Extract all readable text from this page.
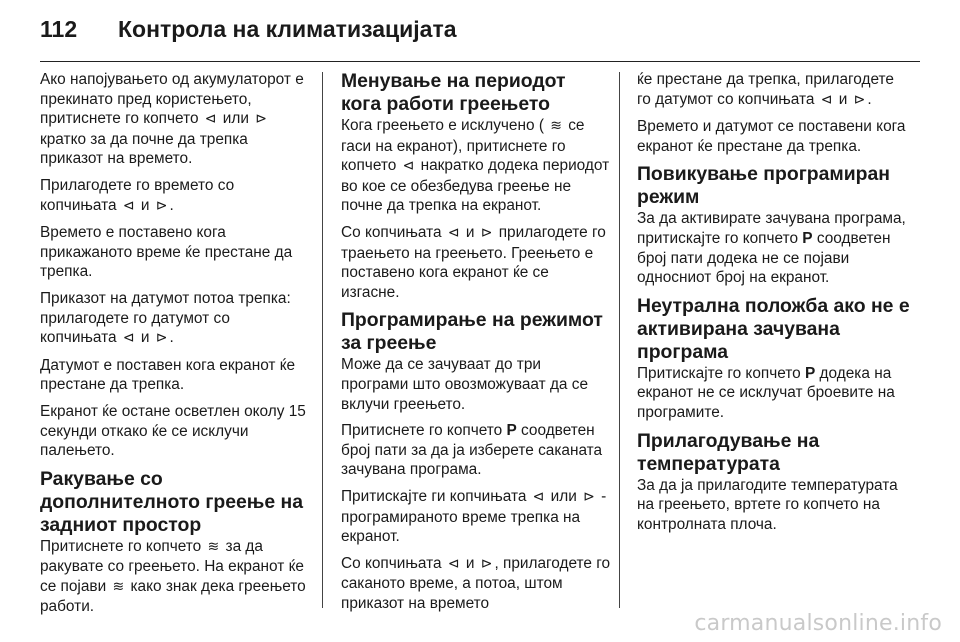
112	Контрола на климатизацијата

Ако напојувањето од акумулаторот е прекинато пред користењето, притиснете го копчето ⊲ или ⊳ кратко за да почне да трепка приказот на времето.

Прилагодете го времето со копчињата ⊲ и ⊳ .

Времето е поставено кога прикажаното време ќе престане да трепка.

Приказот на датумот потоа трепка: прилагодете го датумот со копчињата ⊲ и ⊳ .

Датумот е поставен кога екранот ќе престане да трепка.

Екранот ќе остане осветлен околу 15 секунди откако ќе се исклучи палењето.

Ракување со дополнителното греење на задниот простор

Притиснете го копчето ≋ за да ракувате со греењето. На екранот ќе се појави ≋ како знак дека греењето работи.

Менување на периодот кога работи греењето

Кога греењето е исклучено ( ≋ се гаси на екранот), притиснете го копчето ⊲ накратко додека периодот во кое се обезбедува греење не почне да трепка на екранот.

Со копчињата ⊲ и ⊳ прилагодете го траењето на греењето. Греењето е поставено кога екранот ќе се изгасне.

Програмирање на режимот за греење

Може да се зачуваат до три програми што овозможуваат да се вклучи греењето.

Притиснете го копчето P соодветен број пати за да ја изберете саканата зачувана програма.

Притискајте ги копчињата ⊲ или ⊳ - програмираното време трепка на екранот.

Со копчињата ⊲ и ⊳ , прилагодете го саканото време, а потоа, штом приказот на времето

ќе престане да трепка, прилагодете го датумот со копчињата ⊲ и ⊳ .

Времето и датумот се поставени кога екранот ќе престане да трепка.

Повикување програмиран режим

За да активирате зачувана програма, притискајте го копчето P соодветен број пати додека не се појави односниот број на екранот.

Неутрална положба ако не е активирана зачувана програма

Притискајте го копчето P додека на екранот не се исклучат броевите на програмите.

Прилагодување на температурата

За да ја прилагодите температурата на греењето, вртете го копчето на контролната плоча.

carmanualsonline.info
